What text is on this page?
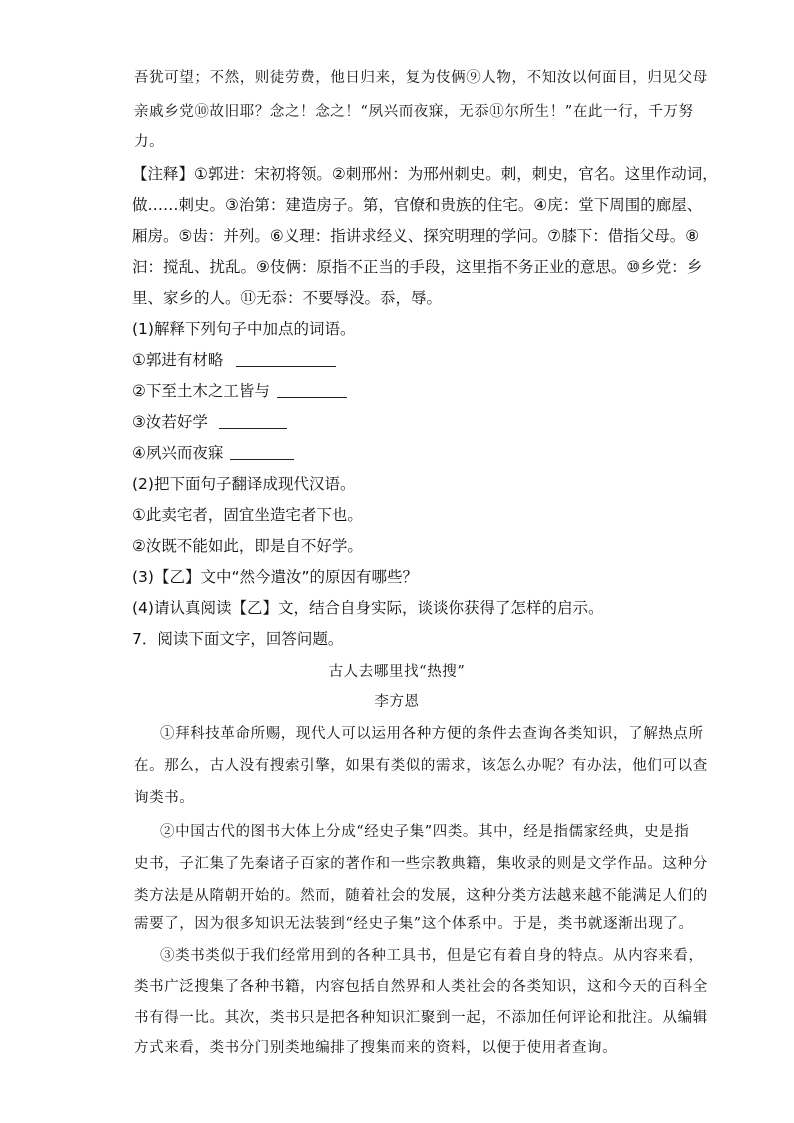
吾犹可望；不然，则徒劳费，他日归来，复为伎俩⑨人物，不知汝以何面目，归见父母
亲戚乡党⑩故旧耶？念之！念之！“夙兴而夜寐，无忝⑪尔所生！”在此一行，千万努
力。
【注释】①郭进：宋初将领。②刺邢州：为邢州刺史。刺，刺史，官名。这里作动词，
做……刺史。③治第：建造房子。第，官僚和贵族的住宅。④庑：堂下周围的廊屋、
厢房。⑤齿：并列。⑥义理：指讲求经义、探究明理的学问。⑦膝下：借指父母。⑧
汩：搅乱、扰乱。⑨伎俩：原指不正当的手段，这里指不务正业的意思。⑩乡党：乡
里、家乡的人。⑪无忝：不要辱没。忝，辱。
(1)解释下列句子中加点的词语。
①郭进有材略
②下至土木之工皆与
③汝若好学
④夙兴而夜寐
(2)把下面句子翻译成现代汉语。
①此卖宅者，固宜坐造宅者下也。
②汝既不能如此，即是自不好学。
(3)【乙】文中“然今遣汝”的原因有哪些？
(4)请认真阅读【乙】文，结合自身实际，谈谈你获得了怎样的启示。
7．阅读下面文字，回答问题。
古人去哪里找“热搜”
李方恩
①拜科技革命所赐，现代人可以运用各种方便的条件去查询各类知识，了解热点所
在。那么，古人没有搜索引擎，如果有类似的需求，该怎么办呢？有办法，他们可以查
询类书。
②中国古代的图书大体上分成“经史子集”四类。其中，经是指儒家经典，史是指
史书，子汇集了先秦诸子百家的著作和一些宗教典籍，集收录的则是文学作品。这种分
类方法是从隋朝开始的。然而，随着社会的发展，这种分类方法越来越不能满足人们的
需要了，因为很多知识无法装到“经史子集”这个体系中。于是，类书就逐渐出现了。
③类书类似于我们经常用到的各种工具书，但是它有着自身的特点。从内容来看，
类书广泛搜集了各种书籍，内容包括自然界和人类社会的各类知识，这和今天的百科全
书有得一比。其次，类书只是把各种知识汇聚到一起，不添加任何评论和批注。从编辑
方式来看，类书分门别类地编排了搜集而来的资料，以便于使用者查询。
